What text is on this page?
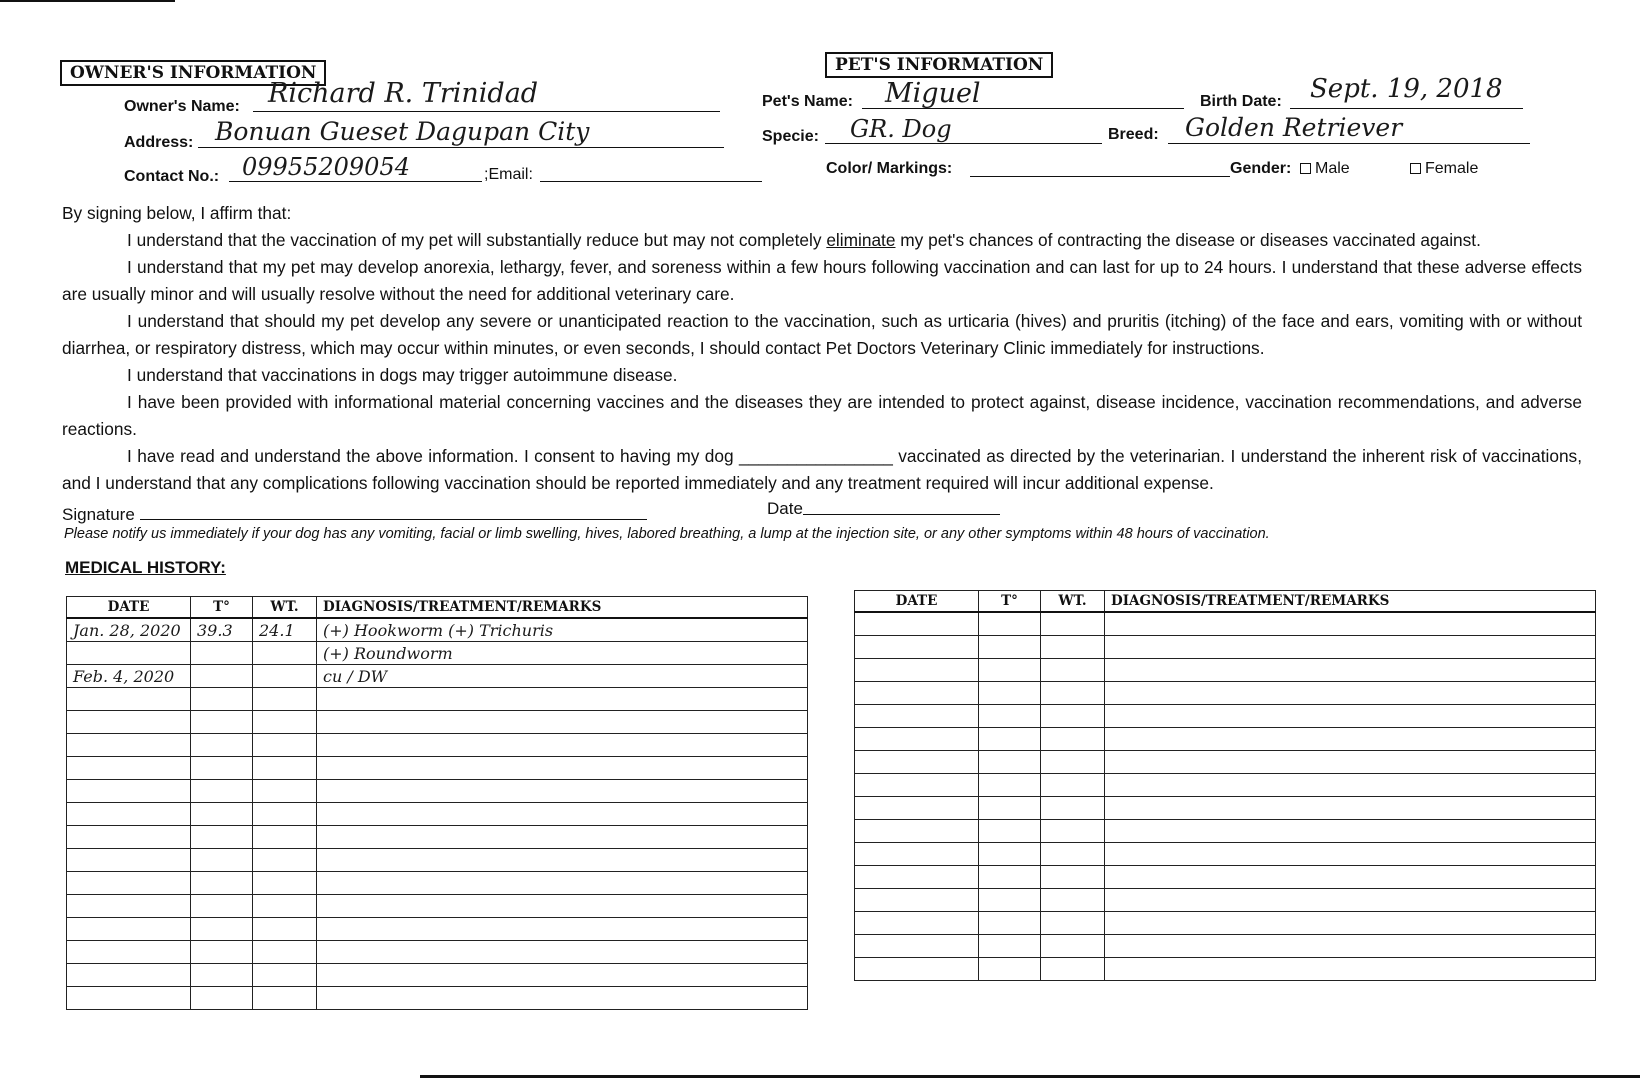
OWNER'S INFORMATION
Owner's Name: Richard R. Trinidad
Address: Bonuan Gueset Dagupan City
Contact No.: 09955209054	;Email:
PET'S INFORMATION
Pet's Name: Miguel	Birth Date: Sept. 19, 2018
Specie: GR. Dog	Breed: Golden Retriever
Color/ Markings:	Gender:	Male	Female

By signing below, I affirm that:

I understand that the vaccination of my pet will substantially reduce but may not completely eliminate my pet's chances of contracting the disease or diseases vaccinated against.

I understand that my pet may develop anorexia, lethargy, fever, and soreness within a few hours following vaccination and can last for up to 24 hours. I understand that these adverse effects are usually minor and will usually resolve without the need for additional veterinary care.

I understand that should my pet develop any severe or unanticipated reaction to the vaccination, such as urticaria (hives) and pruritis (itching) of the face and ears, vomiting with or without diarrhea, or respiratory distress, which may occur within minutes, or even seconds, I should contact Pet Doctors Veterinary Clinic immediately for instructions.

I understand that vaccinations in dogs may trigger autoimmune disease.

I have been provided with informational material concerning vaccines and the diseases they are intended to protect against, disease incidence, vaccination recommendations, and adverse reactions.

I have read and understand the above information. I consent to having my dog ________________ vaccinated as directed by the veterinarian. I understand the inherent risk of vaccinations, and I understand that any complications following vaccination should be reported immediately and any treatment required will incur additional expense.

Signature	Date
Please notify us immediately if your dog has any vomiting, facial or limb swelling, hives, labored breathing, a lump at the injection site, or any other symptoms within 48 hours of vaccination.
MEDICAL HISTORY:
DATE	T°	WT.	DIAGNOSIS/TREATMENT/REMARKS
Jan. 28, 2020	39.3	24.1	(+) Hookworm (+) Trichuris
			(+) Roundworm
Feb. 4, 2020			cu / DW

DATE	T°	WT.	DIAGNOSIS/TREATMENT/REMARKS
